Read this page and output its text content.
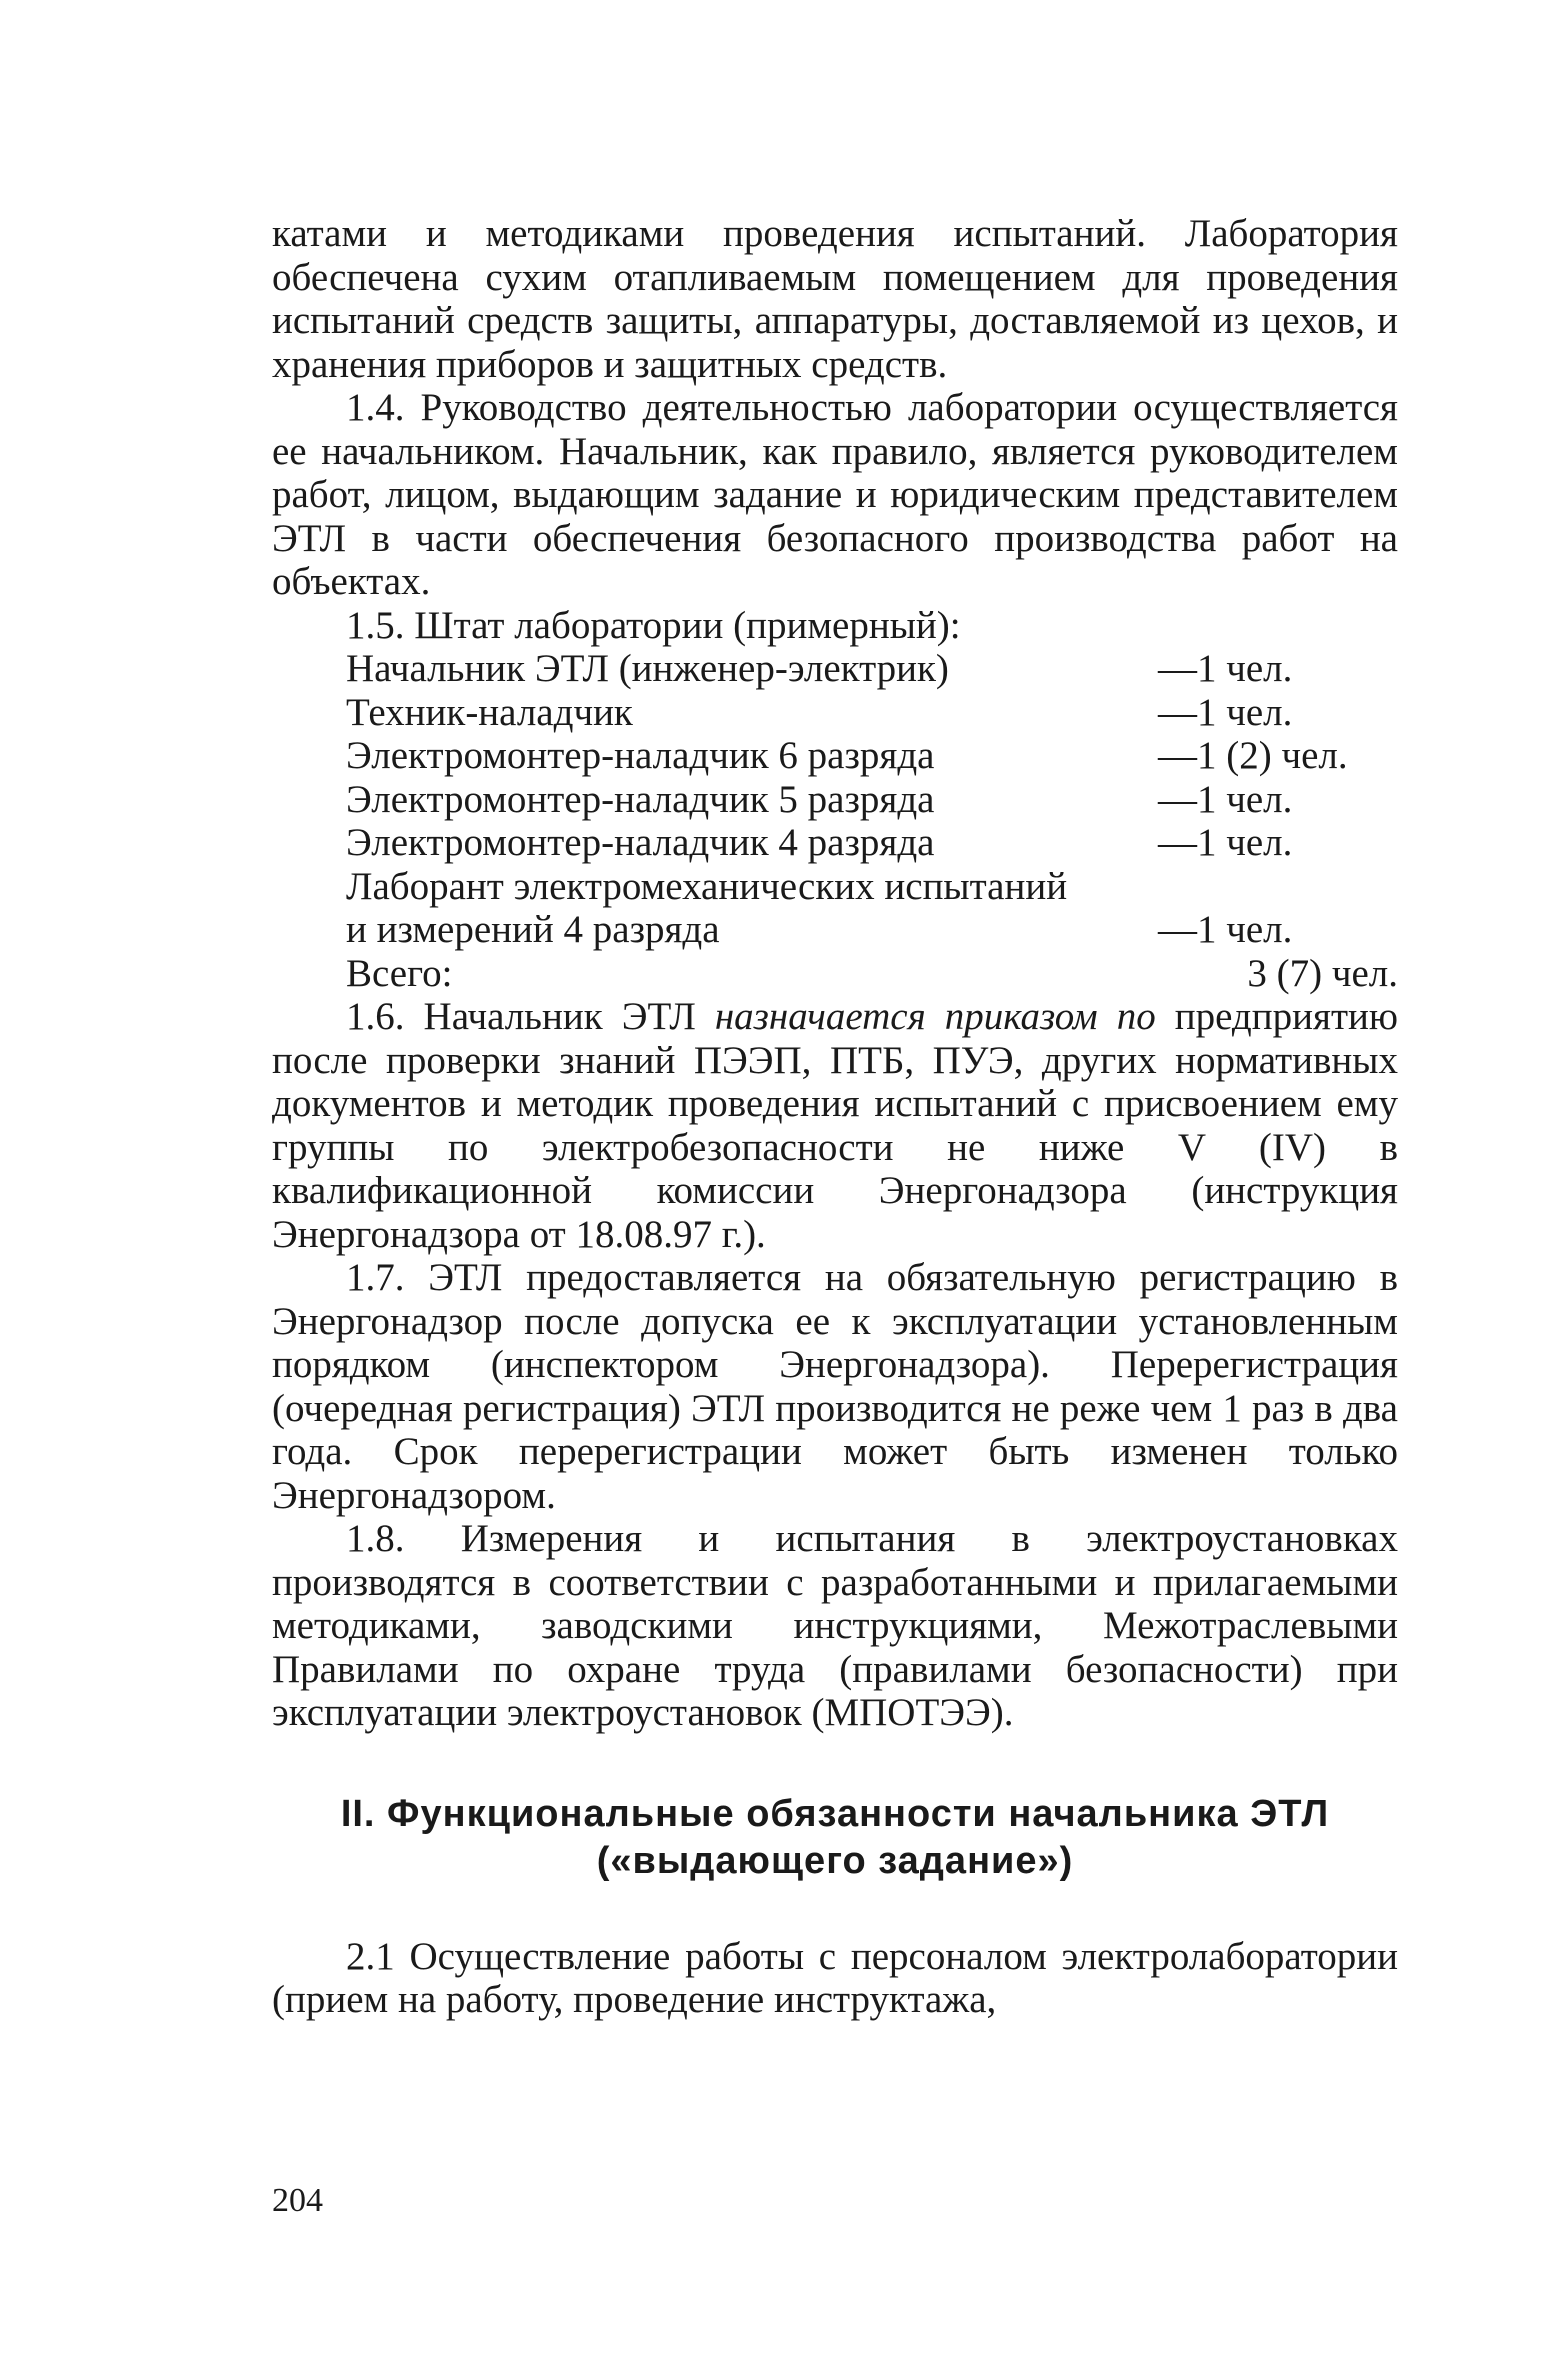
катами и методиками проведения испытаний. Лаборатория обеспечена сухим отапливаемым помещением для проведения испытаний средств защиты, аппаратуры, доставляемой из цехов, и хранения приборов и защитных средств.

1.4. Руководство деятельностью лаборатории осуществляется ее начальником. Начальник, как правило, является руководителем работ, лицом, выдающим задание и юридическим представителем ЭТЛ в части обеспечения безопасного производства работ на объектах.

1.5. Штат лаборатории (примерный):

Начальник ЭТЛ (инженер-электрик)	—1 чел.
Техник-наладчик	—1 чел.
Электромонтер-наладчик 6 разряда	—1 (2) чел.
Электромонтер-наладчик 5 разряда	—1 чел.
Электромонтер-наладчик 4 разряда	—1 чел.
Лаборант электромеханических испытаний
и измерений 4 разряда	—1 чел.
Всего:	3 (7) чел.

1.6. Начальник ЭТЛ назначается приказом по предприятию после проверки знаний ПЭЭП, ПТБ, ПУЭ, других нормативных документов и методик проведения испытаний с присвоением ему группы по электробезопасности не ниже V (IV) в квалификационной комиссии Энергонадзора (инструкция Энергонадзора от 18.08.97 г.).

1.7. ЭТЛ предоставляется на обязательную регистрацию в Энергонадзор после допуска ее к эксплуатации установленным порядком (инспектором Энергонадзора). Перерегистрация (очередная регистрация) ЭТЛ производится не реже чем 1 раз в два года. Срок перерегистрации может быть изменен только Энергонадзором.

1.8. Измерения и испытания в электроустановках производятся в соответствии с разработанными и прилагаемыми методиками, заводскими инструкциями, Межотраслевыми Правилами по охране труда (правилами безопасности) при эксплуатации электроустановок (МПОТЭЭ).

II. Функциональные обязанности начальника ЭТЛ
(«выдающего задание»)

2.1 Осуществление работы с персоналом электролаборатории (прием на работу, проведение инструктажа,

204
